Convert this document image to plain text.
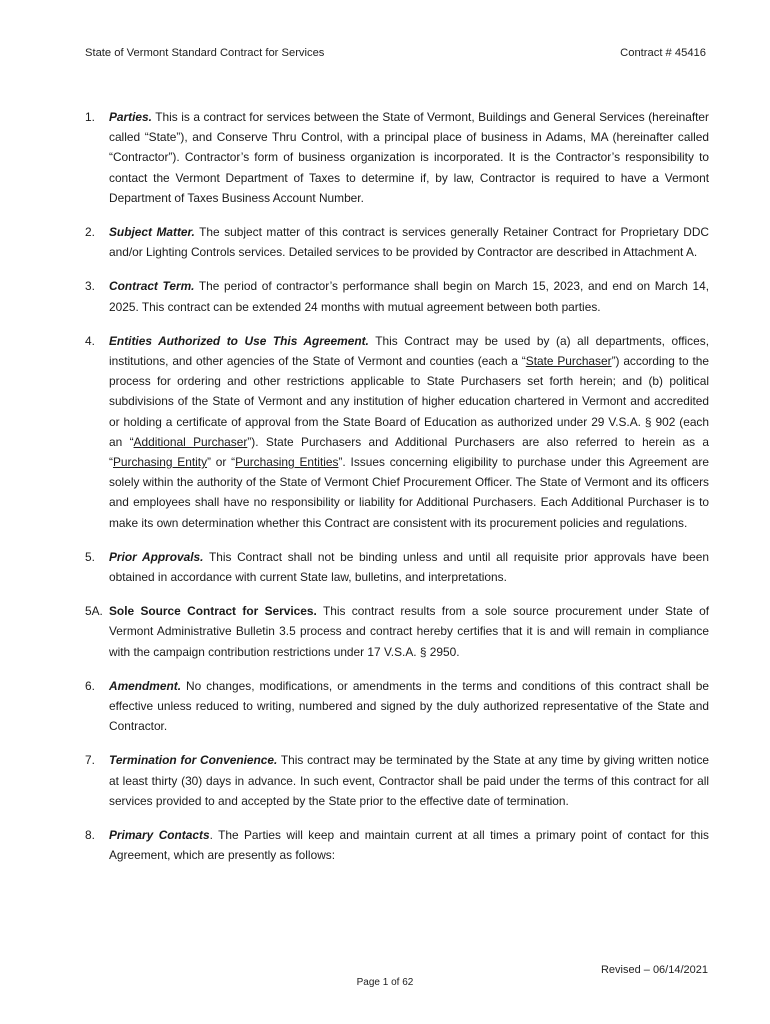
State of Vermont Standard Contract for Services	Contract # 45416

1. Parties. This is a contract for services between the State of Vermont, Buildings and General Services (hereinafter called “State”), and Conserve Thru Control, with a principal place of business in Adams, MA (hereinafter called “Contractor”). Contractor’s form of business organization is incorporated. It is the Contractor’s responsibility to contact the Vermont Department of Taxes to determine if, by law, Contractor is required to have a Vermont Department of Taxes Business Account Number.

2. Subject Matter. The subject matter of this contract is services generally Retainer Contract for Proprietary DDC and/or Lighting Controls services. Detailed services to be provided by Contractor are described in Attachment A.

3. Contract Term. The period of contractor’s performance shall begin on March 15, 2023, and end on March 14, 2025. This contract can be extended 24 months with mutual agreement between both parties.

4. Entities Authorized to Use This Agreement. This Contract may be used by (a) all departments, offices, institutions, and other agencies of the State of Vermont and counties (each a “State Purchaser”) according to the process for ordering and other restrictions applicable to State Purchasers set forth herein; and (b) political subdivisions of the State of Vermont and any institution of higher education chartered in Vermont and accredited or holding a certificate of approval from the State Board of Education as authorized under 29 V.S.A. § 902 (each an “Additional Purchaser”). State Purchasers and Additional Purchasers are also referred to herein as a “Purchasing Entity” or “Purchasing Entities”. Issues concerning eligibility to purchase under this Agreement are solely within the authority of the State of Vermont Chief Procurement Officer. The State of Vermont and its officers and employees shall have no responsibility or liability for Additional Purchasers. Each Additional Purchaser is to make its own determination whether this Contract are consistent with its procurement policies and regulations.

5. Prior Approvals. This Contract shall not be binding unless and until all requisite prior approvals have been obtained in accordance with current State law, bulletins, and interpretations.

5A. Sole Source Contract for Services. This contract results from a sole source procurement under State of Vermont Administrative Bulletin 3.5 process and contract hereby certifies that it is and will remain in compliance with the campaign contribution restrictions under 17 V.S.A. § 2950.

6. Amendment. No changes, modifications, or amendments in the terms and conditions of this contract shall be effective unless reduced to writing, numbered and signed by the duly authorized representative of the State and Contractor.

7. Termination for Convenience. This contract may be terminated by the State at any time by giving written notice at least thirty (30) days in advance. In such event, Contractor shall be paid under the terms of this contract for all services provided to and accepted by the State prior to the effective date of termination.

8. Primary Contacts. The Parties will keep and maintain current at all times a primary point of contact for this Agreement, which are presently as follows:

Revised – 06/14/2021
Page 1 of 62
